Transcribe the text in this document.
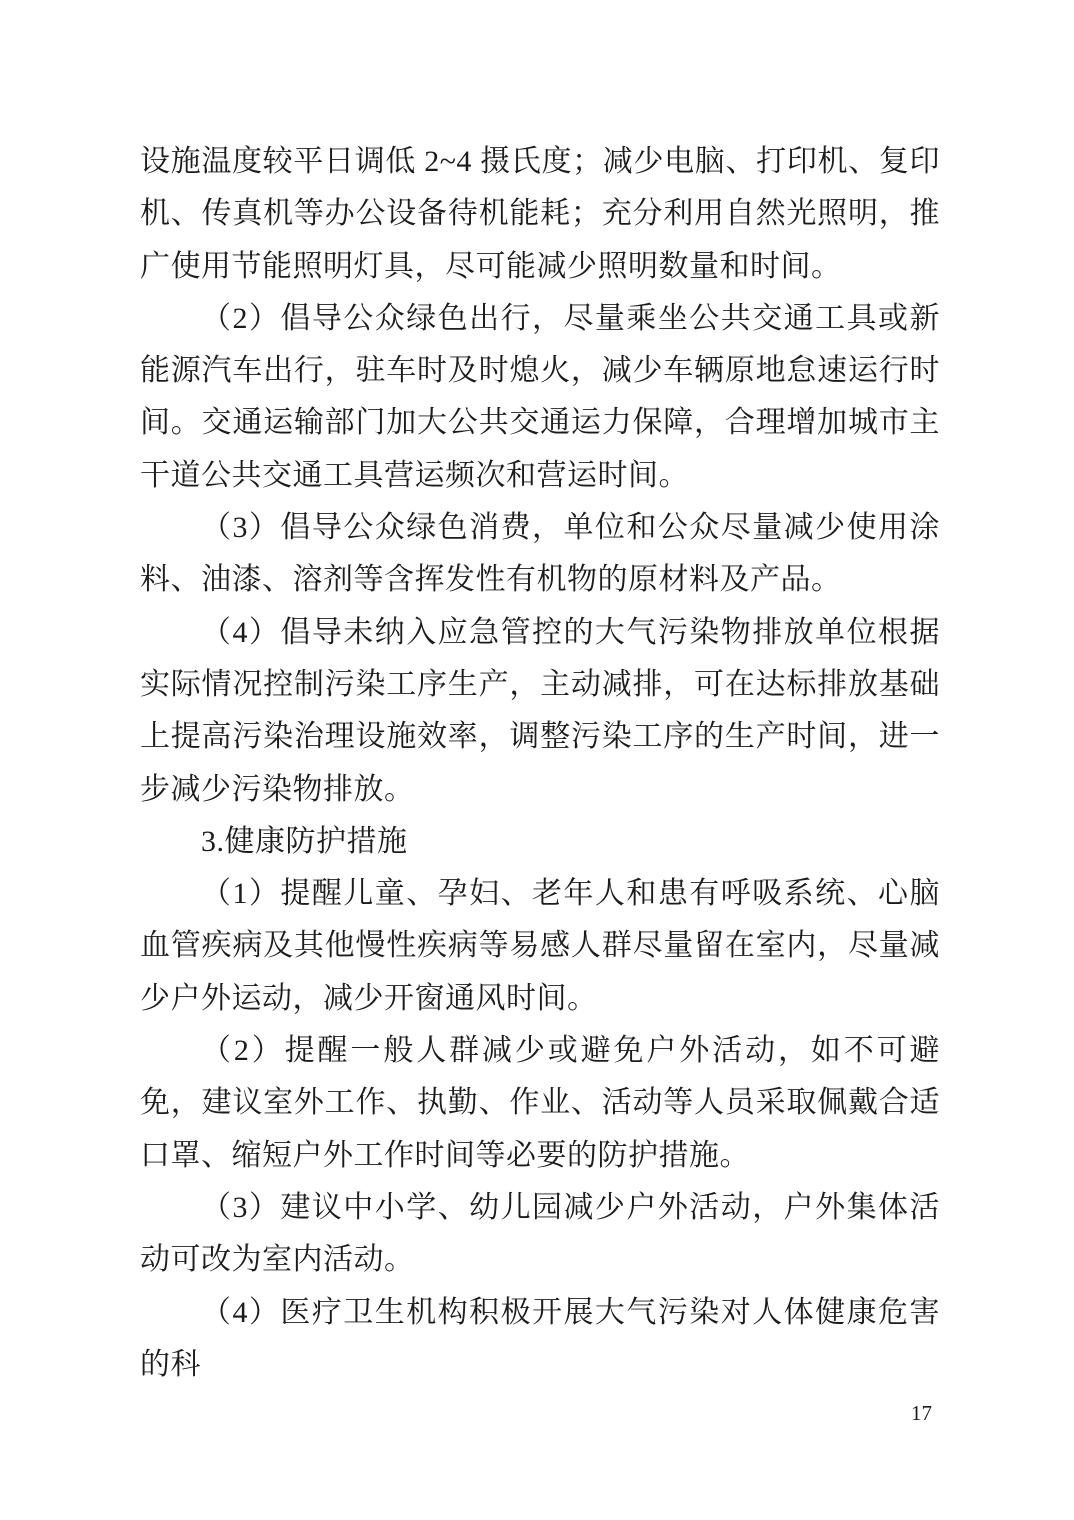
设施温度较平日调低 2~4 摄氏度；减少电脑、打印机、复印机、传真机等办公设备待机能耗；充分利用自然光照明，推广使用节能照明灯具，尽可能减少照明数量和时间。

（2）倡导公众绿色出行，尽量乘坐公共交通工具或新能源汽车出行，驻车时及时熄火，减少车辆原地怠速运行时间。交通运输部门加大公共交通运力保障，合理增加城市主干道公共交通工具营运频次和营运时间。

（3）倡导公众绿色消费，单位和公众尽量减少使用涂料、油漆、溶剂等含挥发性有机物的原材料及产品。

（4）倡导未纳入应急管控的大气污染物排放单位根据实际情况控制污染工序生产，主动减排，可在达标排放基础上提高污染治理设施效率，调整污染工序的生产时间，进一步减少污染物排放。

3.健康防护措施

（1）提醒儿童、孕妇、老年人和患有呼吸系统、心脑血管疾病及其他慢性疾病等易感人群尽量留在室内，尽量减少户外运动，减少开窗通风时间。

（2）提醒一般人群减少或避免户外活动，如不可避免，建议室外工作、执勤、作业、活动等人员采取佩戴合适口罩、缩短户外工作时间等必要的防护措施。

（3）建议中小学、幼儿园减少户外活动，户外集体活动可改为室内活动。

（4）医疗卫生机构积极开展大气污染对人体健康危害的科

17
